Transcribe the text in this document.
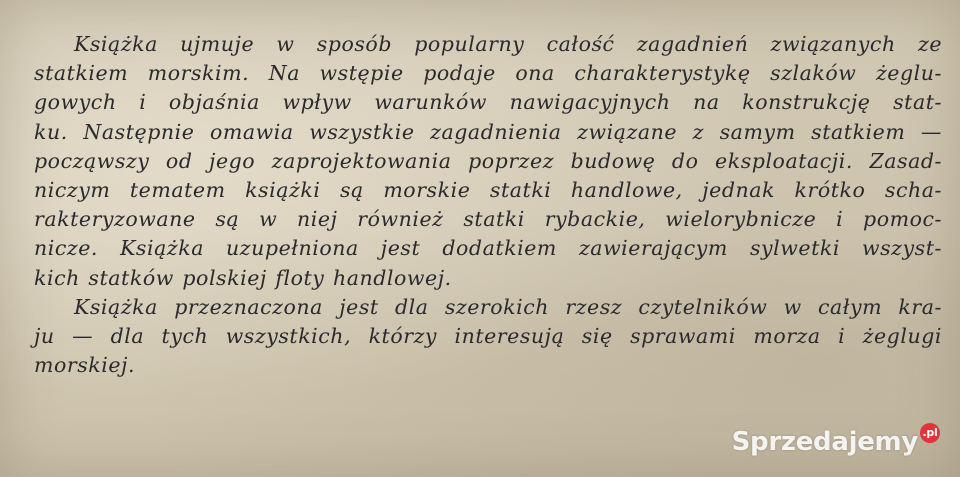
Książka ujmuje w sposób popularny całość zagadnień związanych ze
statkiem morskim. Na wstępie podaje ona charakterystykę szlaków żeglu-
gowych i objaśnia wpływ warunków nawigacyjnych na konstrukcję stat-
ku. Następnie omawia wszystkie zagadnienia związane z samym statkiem —
począwszy od jego zaprojektowania poprzez budowę do eksploatacji. Zasad-
niczym tematem książki są morskie statki handlowe, jednak krótko scha-
rakteryzowane są w niej również statki rybackie, wielorybnicze i pomoc-
nicze. Książka uzupełniona jest dodatkiem zawierającym sylwetki wszyst-
kich statków polskiej floty handlowej.
Książka przeznaczona jest dla szerokich rzesz czytelników w całym kra-
ju — dla tych wszystkich, którzy interesują się sprawami morza i żeglugi
morskiej.
Sprzedajemy .pl
